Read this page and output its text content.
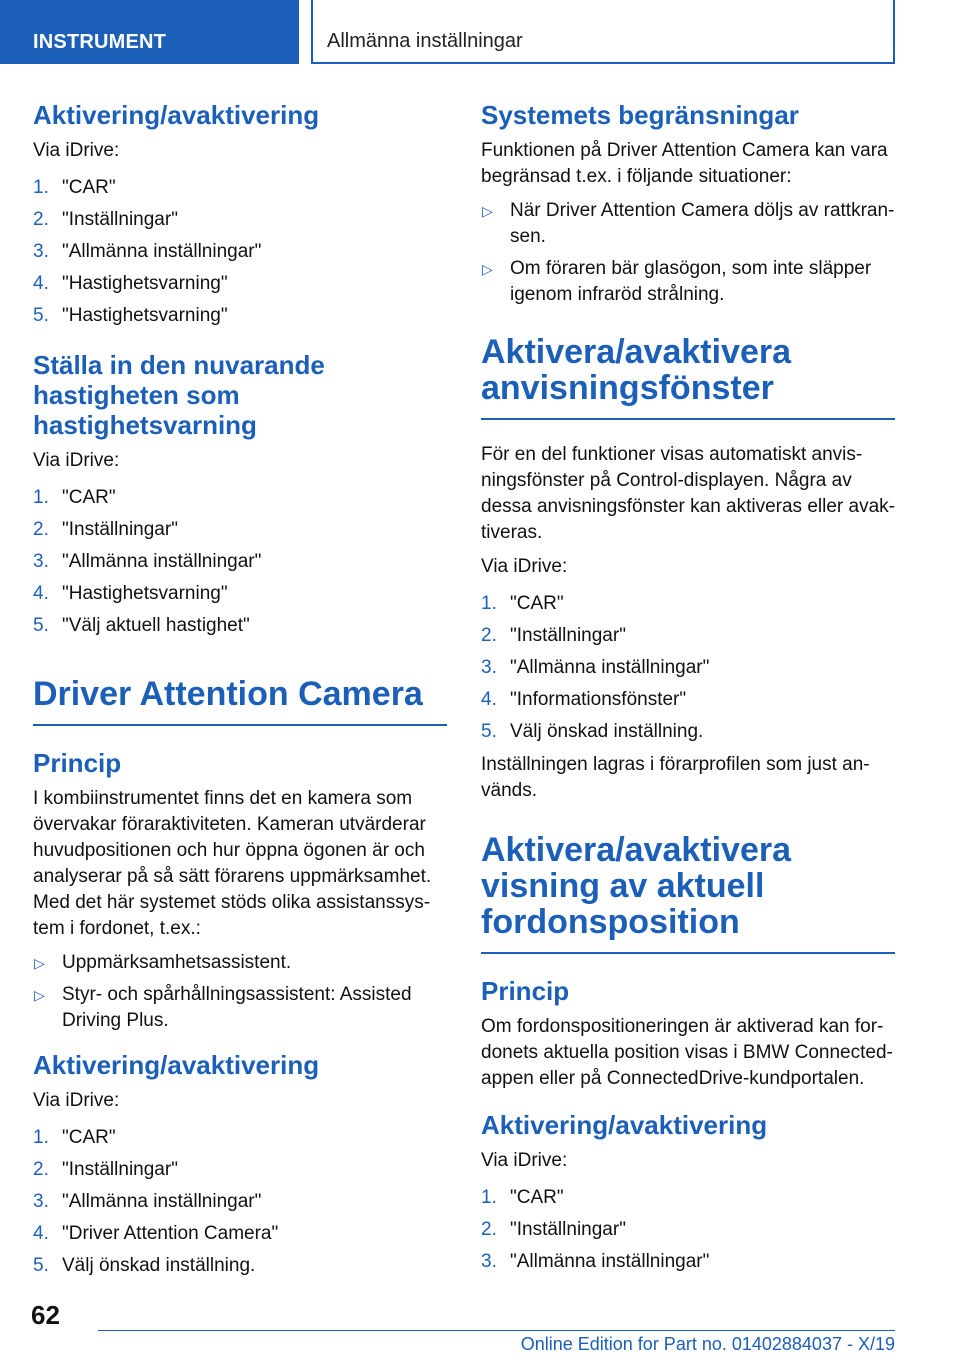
INSTRUMENT	Allmänna inställningar
Aktivering/avaktivering

Via iDrive:

1. "CAR"
2. "Inställningar"
3. "Allmänna inställningar"
4. "Hastighetsvarning"
5. "Hastighetsvarning"
Ställa in den nuvarande hastigheten som hastighetsvarning

Via iDrive:

1. "CAR"
2. "Inställningar"
3. "Allmänna inställningar"
4. "Hastighetsvarning"
5. "Välj aktuell hastighet"
Driver Attention Camera
Princip

I kombiinstrumentet finns det en kamera som övervakar föraraktiviteten. Kameran utvärderar huvudpositionen och hur öppna ögonen är och analyserar på så sätt förarens uppmärksamhet. Med det här systemet stöds olika assistanssys-tem i fordonet, t.ex.:

▷ Uppmärksamhetsassistent.
▷ Styr- och spårhållningsassistent: Assisted Driving Plus.
Aktivering/avaktivering

Via iDrive:

1. "CAR"
2. "Inställningar"
3. "Allmänna inställningar"
4. "Driver Attention Camera"
5. Välj önskad inställning.
Systemets begränsningar

Funktionen på Driver Attention Camera kan vara begränsad t.ex. i följande situationer:

▷ När Driver Attention Camera döljs av rattkran-sen.
▷ Om föraren bär glasögon, som inte släpper igenom infraröd strålning.
Aktivera/avaktivera anvisningsfönster

För en del funktioner visas automatiskt anvis-ningsfönster på Control-displayen. Några av dessa anvisningsfönster kan aktiveras eller avak-tiveras.

Via iDrive:

1. "CAR"
2. "Inställningar"
3. "Allmänna inställningar"
4. "Informationsfönster"
5. Välj önskad inställning.

Inställningen lagras i förarprofilen som just an-vänds.

Aktivera/avaktivera visning av aktuell fordonsposition
Princip

Om fordonspositioneringen är aktiverad kan for-donets aktuella position visas i BMW Connected-appen eller på ConnectedDrive-kundportalen.

Aktivering/avaktivering

Via iDrive:

1. "CAR"
2. "Inställningar"
3. "Allmänna inställningar"
62
Online Edition for Part no. 01402884037 - X/19
